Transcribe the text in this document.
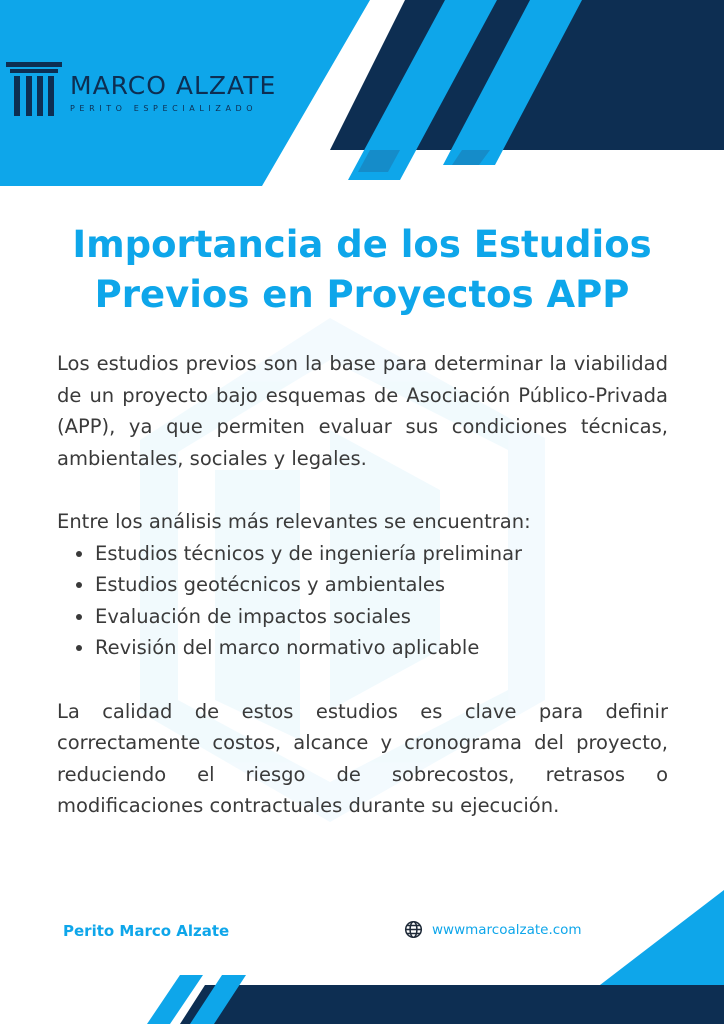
MARCO ALZATE
PERITO ESPECIALIZADO
Importancia de los Estudios
Previos en Proyectos APP

Los estudios previos son la base para determinar la viabilidad de un proyecto bajo esquemas de Asociación Público-Privada (APP), ya que permiten evaluar sus condiciones técnicas, ambientales, sociales y legales.

Entre los análisis más relevantes se encuentran:

• Estudios técnicos y de ingeniería preliminar
• Estudios geotécnicos y ambientales
• Evaluación de impactos sociales
• Revisión del marco normativo aplicable

La calidad de estos estudios es clave para definir correctamente costos, alcance y cronograma del proyecto, reduciendo el riesgo de sobrecostos, retrasos o modificaciones contractuales durante su ejecución.

Perito Marco Alzate	wwwmarcoalzate.com
